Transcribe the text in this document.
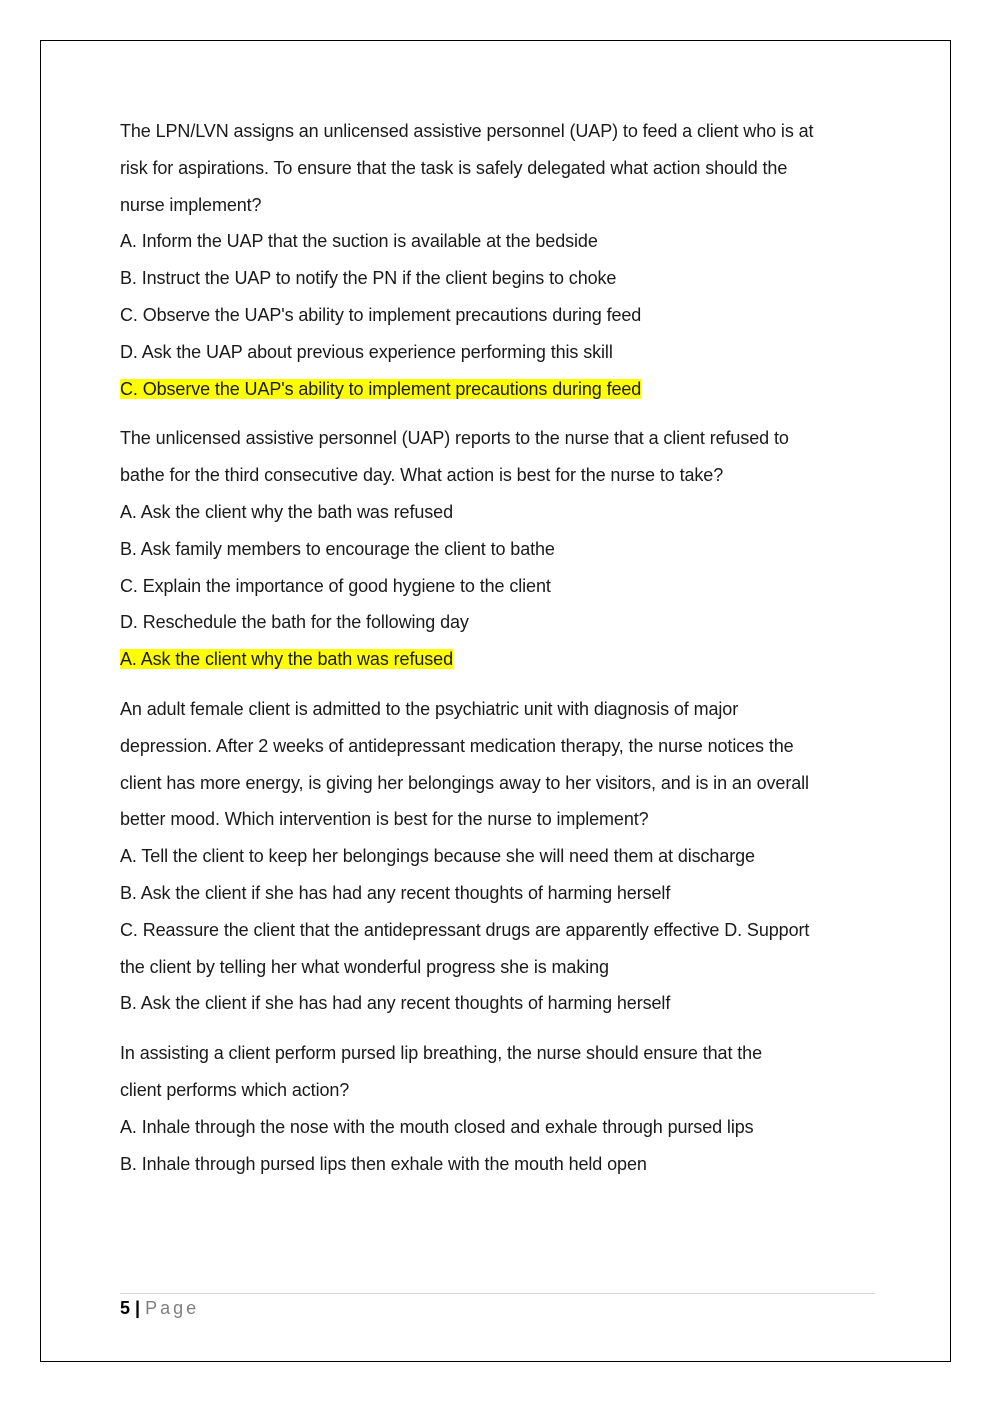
The LPN/LVN assigns an unlicensed assistive personnel (UAP) to feed a client who is at
risk for aspirations. To ensure that the task is safely delegated what action should the
nurse implement?

A. Inform the UAP that the suction is available at the bedside
B. Instruct the UAP to notify the PN if the client begins to choke
C. Observe the UAP's ability to implement precautions during feed
D. Ask the UAP about previous experience performing this skill

C. Observe the UAP's ability to implement precautions during feed

The unlicensed assistive personnel (UAP) reports to the nurse that a client refused to
bathe for the third consecutive day. What action is best for the nurse to take?

A. Ask the client why the bath was refused
B. Ask family members to encourage the client to bathe
C. Explain the importance of good hygiene to the client
D. Reschedule the bath for the following day

A. Ask the client why the bath was refused

An adult female client is admitted to the psychiatric unit with diagnosis of major
depression. After 2 weeks of antidepressant medication therapy, the nurse notices the
client has more energy, is giving her belongings away to her visitors, and is in an overall
better mood. Which intervention is best for the nurse to implement?

A. Tell the client to keep her belongings because she will need them at discharge
B. Ask the client if she has had any recent thoughts of harming herself
C. Reassure the client that the antidepressant drugs are apparently effective D. Support
the client by telling her what wonderful progress she is making

B. Ask the client if she has had any recent thoughts of harming herself

In assisting a client perform pursed lip breathing, the nurse should ensure that the
client performs which action?

A. Inhale through the nose with the mouth closed and exhale through pursed lips
B. Inhale through pursed lips then exhale with the mouth held open
5 | Page
